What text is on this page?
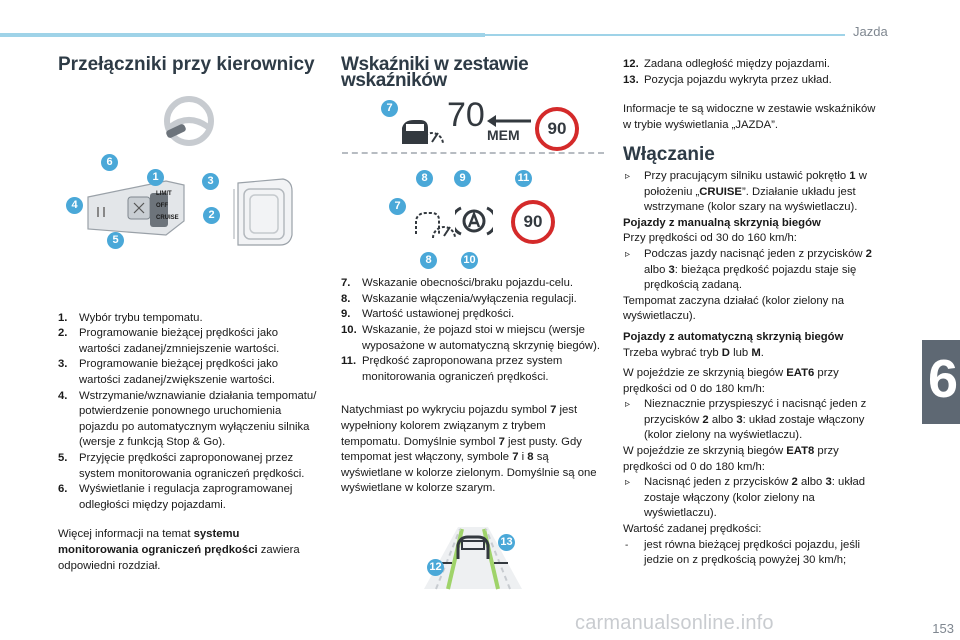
Jazda
6
153
carmanualsonline.info
Przełączniki przy kierownicy
LIMIT
OFF
CRUISE
6
1	3
4
2
5
1. Wybór trybu tempomatu.
2. Programowanie bieżącej prędkości jako wartości zadanej/zmniejszenie wartości.
3. Programowanie bieżącej prędkości jako wartości zadanej/zwiększenie wartości.
4. Wstrzymanie/wznawianie działania tempomatu/ potwierdzenie ponownego uruchomienia pojazdu po automatycznym wyłączeniu silnika (wersje z funkcją Stop & Go).
5. Przyjęcie prędkości zaproponowanej przez system monitorowania ograniczeń prędkości.
6. Wyświetlanie i regulacja zaprogramowanej odległości między pojazdami.

Więcej informacji na temat systemu monitorowania ograniczeń prędkości zawiera odpowiedni rozdział.

Wskaźniki w zestawie wskaźników
70
MEM	90
7
8	9	11
90
7
8	10
7. Wskazanie obecności/braku pojazdu-celu.
8. Wskazanie włączenia/wyłączenia regulacji.
9. Wartość ustawionej prędkości.
10. Wskazanie, że pojazd stoi w miejscu (wersje wyposażone w automatyczną skrzynię biegów).
11. Prędkość zaproponowana przez system monitorowania ograniczeń prędkości.

Natychmiast po wykryciu pojazdu symbol 7 jest wypełniony kolorem związanym z trybem tempomatu. Domyślnie symbol 7 jest pusty. Gdy tempomat jest włączony, symbole 7 i 8 są wyświetlane w kolorze zielonym. Domyślnie są one wyświetlane w kolorze szarym.

13
12
12. Zadana odległość między pojazdami.
13. Pozycja pojazdu wykryta przez układ.

Informacje te są widoczne w zestawie wskaźników w trybie wyświetlania „JAZDA”.

Włączanie
▹ Przy pracującym silniku ustawić pokrętło 1 w położeniu „CRUISE”. Działanie układu jest wstrzymane (kolor szary na wyświetlaczu).

Pojazdy z manualną skrzynią biegów

Przy prędkości od 30 do 160 km/h:

▹ Podczas jazdy nacisnąć jeden z przycisków 2 albo 3: bieżąca prędkość pojazdu staje się prędkością zadaną.

Tempomat zaczyna działać (kolor zielony na wyświetlaczu).

Pojazdy z automatyczną skrzynią biegów

Trzeba wybrać tryb D lub M.

W pojeździe ze skrzynią biegów EAT6 przy prędkości od 0 do 180 km/h:

▹ Nieznacznie przyspieszyć i nacisnąć jeden z przycisków 2 albo 3: układ zostaje włączony (kolor zielony na wyświetlaczu).

W pojeździe ze skrzynią biegów EAT8 przy prędkości od 0 do 180 km/h:

▹ Nacisnąć jeden z przycisków 2 albo 3: układ zostaje włączony (kolor zielony na wyświetlaczu).

Wartość zadanej prędkości:

- jest równa bieżącej prędkości pojazdu, jeśli jedzie on z prędkością powyżej 30 km/h;
